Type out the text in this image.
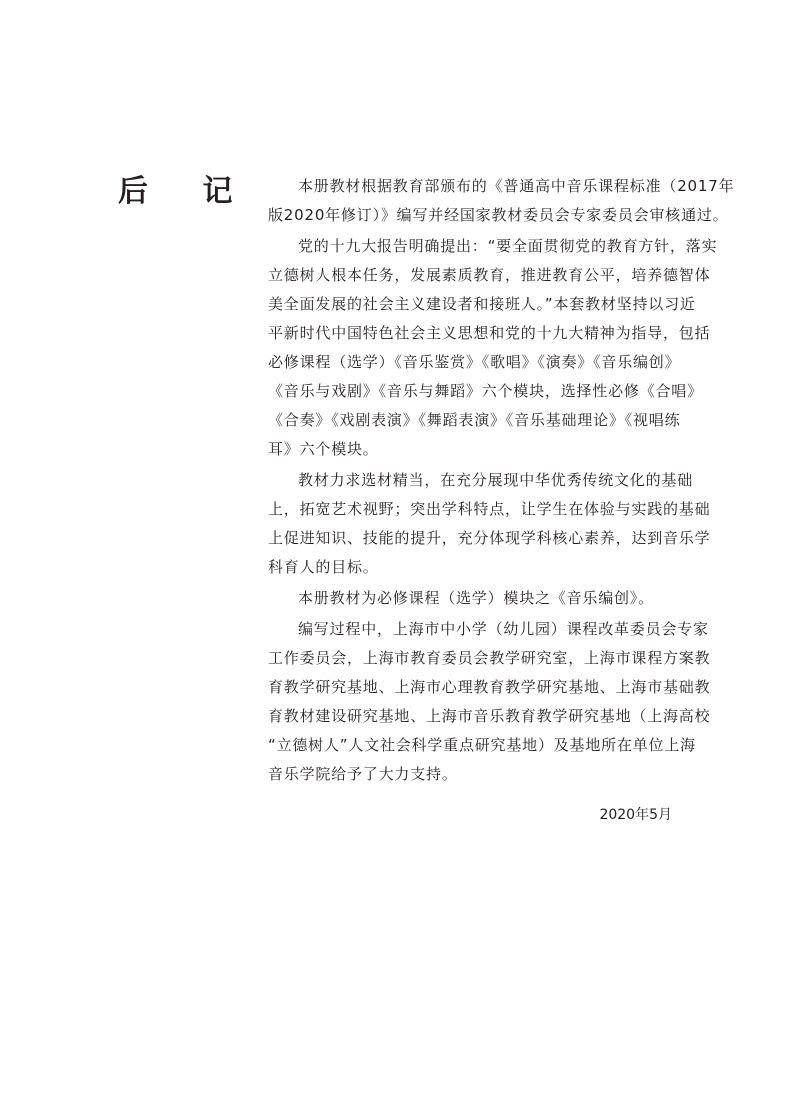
后 记	本册教材根据教育部颁布的《普通高中音乐课程标准（2017年
版2020年修订）》编写并经国家教材委员会专家委员会审核通过。

党的十九大报告明确提出：“要全面贯彻党的教育方针，落实
立德树人根本任务，发展素质教育，推进教育公平，培养德智体
美全面发展的社会主义建设者和接班人。”本套教材坚持以习近
平新时代中国特色社会主义思想和党的十九大精神为指导，包括
必修课程（选学）《音乐鉴赏》《歌唱》《演奏》《音乐编创》
《音乐与戏剧》《音乐与舞蹈》六个模块，选择性必修《合唱》
《合奏》《戏剧表演》《舞蹈表演》《音乐基础理论》《视唱练
耳》六个模块。

教材力求选材精当，在充分展现中华优秀传统文化的基础
上，拓宽艺术视野；突出学科特点，让学生在体验与实践的基础
上促进知识、技能的提升，充分体现学科核心素养，达到音乐学
科育人的目标。

本册教材为必修课程（选学）模块之《音乐编创》。

编写过程中，上海市中小学（幼儿园）课程改革委员会专家
工作委员会，上海市教育委员会教学研究室，上海市课程方案教
育教学研究基地、上海市心理教育教学研究基地、上海市基础教
育教材建设研究基地、上海市音乐教育教学研究基地（上海高校
“立德树人”人文社会科学重点研究基地）及基地所在单位上海
音乐学院给予了大力支持。

2020年5月
